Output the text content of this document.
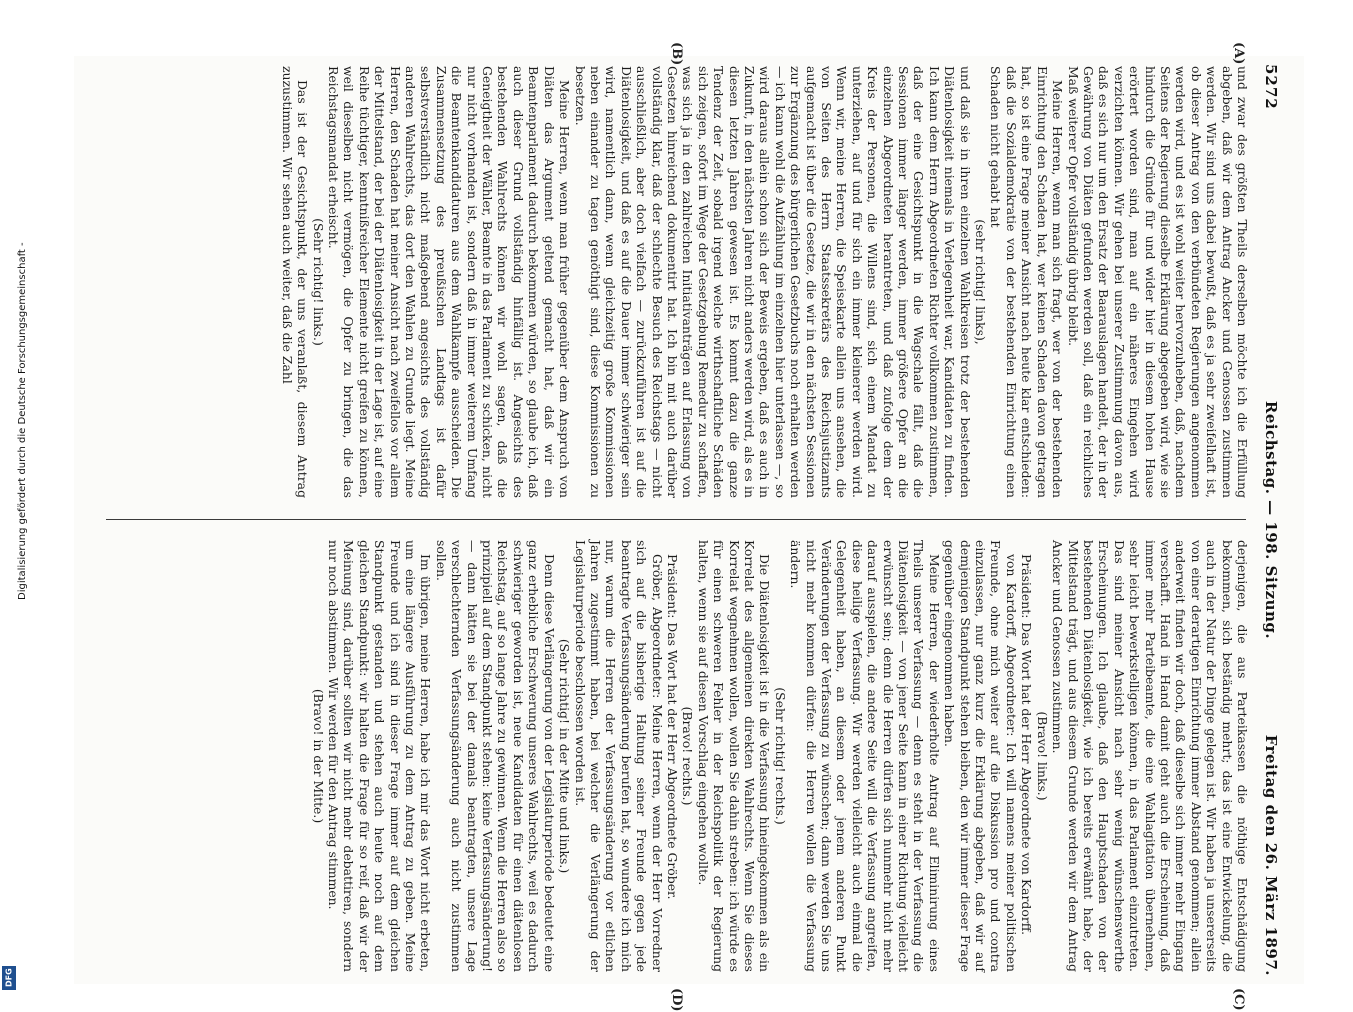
5272
Reichstag. — 198. Sitzung.
Freitag den 26. März 1897.
(A)
(B)
(C)
(D)

und zwar des größten Theils derselben möchte ich die Erfüllung abgeben, daß wir dem Antrag Ancker und Genossen zustimmen werden. Wir sind uns dabei bewußt, daß es ja sehr zweifelhaft ist, ob dieser Antrag von den verbündeten Regierungen angenommen werden wird, und es ist wohl weiter hervorzuheben, daß, nachdem Seitens der Regierung dieselbe Erklärung abgegeben wird, wie sie hindurch die Gründe für und wider hier in diesem hohen Hause erörtert worden sind, man auf ein näheres Eingehen wird verzichten können. Wir gehen bei unserer Zustimmung davon aus, daß es sich nur um den Ersatz der Baarauslagen handelt, der in der Gewährung von Diäten gefunden werden soll, daß ein reichliches Maß weiterer Opfer vollständig übrig bleibt.

Meine Herren, wenn man sich fragt, wer von der bestehenden Einrichtung den Schaden hat, wer keinen Schaden davon getragen hat, so ist eine Frage meiner Ansicht nach heute klar entschieden: daß die Sozialdemokratie von der bestehenden Einrichtung einen Schaden nicht gehabt hat

(sehr richtig! links),

und daß sie in ihren einzelnen Wahlkreisen trotz der bestehenden Diätenlosigkeit niemals in Verlegenheit war, Kandidaten zu finden. Ich kann dem Herrn Abgeordneten Richter vollkommen zustimmen, daß der eine Gesichtspunkt in die Wagschale fällt, daß die Sessionen immer länger werden, immer größere Opfer an die einzelnen Abgeordneten herantreten, und daß zufolge dem der Kreis der Personen, die Willens sind, sich einem Mandat zu unterziehen, auf und für sich ein immer kleinerer werden wird. Wenn wir, meine Herren, die Speisekarte allein uns ansehen, die von Seiten des Herrn Staatssekretärs des Reichsjustizamts aufgemacht ist über die Gesetze, die wir in den nächsten Sessionen zur Ergänzung des bürgerlichen Gesetzbuchs noch erhalten werden — ich kann wohl die Aufzählung im einzelnen hier unterlassen —, so wird daraus allein schon sich der Beweis ergeben, daß es auch in Zukunft, in den nächsten Jahren nicht anders werden wird, als es in diesen letzten Jahren gewesen ist. Es kommt dazu die ganze Tendenz der Zeit, sobald irgend welche wirthschaftliche Schäden sich zeigen, sofort im Wege der Gesetzgebung Remedur zu schaffen, was sich ja in den zahlreichen Initiativanträgen auf Erlassung von Gesetzen hinreichend dokumentirt hat. Ich bin mit auch darüber vollständig klar, daß der schlechte Besuch des Reichstags — nicht ausschließlich, aber doch vielfach — zurückzuführen ist auf die Diätenlosigkeit, und daß es auf die Dauer immer schwieriger sein wird, namentlich dann, wenn gleichzeitig große Kommissionen neben einander zu tagen genöthigt sind, diese Kommissionen zu besetzen.

Meine Herren, wenn man früher gegenüber dem Anspruch von Diäten das Argument geltend gemacht hat, daß wir ein Beamtenparlament dadurch bekommen würden, so glaube ich, daß auch dieser Grund vollständig hinfällig ist. Angesichts des bestehenden Wahlrechts können wir wohl sagen, daß die Geneigtheit der Wähler, Beamte in das Parlament zu schicken, nicht nur nicht vorhanden ist, sondern daß in immer weiterem Umfang die Beamtenkandidaturen aus dem Wahlkampfe ausscheiden. Die Zusammensetzung des preußischen Landtags ist dafür selbstverständlich nicht maßgebend angesichts des vollständig anderen Wahlrechts, das dort den Wahlen zu Grunde liegt. Meine Herren, den Schaden hat meiner Ansicht nach zweifellos vor allem der Mittelstand, der bei der Diätenlosigkeit in der Lage ist, auf eine Reihe tüchtiger, kenntnißreicher Elemente nicht greifen zu können, weil dieselben nicht vermögen, die Opfer zu bringen, die das Reichstagsmandat erheischt.

(Sehr richtig! links.)

Das ist der Gesichtspunkt, der uns veranlaßt, diesem Antrag zuzustimmen. Wir sehen auch weiter, daß die Zahl

derjenigen, die aus Parteikassen die nöthige Entschädigung bekommen, sich beständig mehrt; das ist eine Entwickelung, die auch in der Natur der Dinge gelegen ist. Wir haben ja unsererseits von einer derartigen Einrichtung immer Abstand genommen; allein anderweit finden wir doch, daß dieselbe sich immer mehr Eingang verschafft. Hand in Hand damit geht auch die Erscheinung, daß immer mehr Parteibeamte, die eine Wahlagitation übernehmen, sehr leicht bewerkstelligen können, in das Parlament einzutreten. Das sind meiner Ansicht nach sehr wenig wünschenswerthe Erscheinungen. Ich glaube, daß den Hauptschaden von der bestehenden Diätenlosigkeit, wie ich bereits erwähnt habe, der Mittelstand trägt, und aus diesem Grunde werden wir dem Antrag Ancker und Genossen zustimmen.

(Bravo! links.)

Präsident: Das Wort hat der Herr Abgeordnete von Kardorff.

von Kardorff, Abgeordneter: Ich will namens meiner politischen Freunde, ohne mich weiter auf die Diskussion pro und contra einzulassen, nur ganz kurz die Erklärung abgeben, daß wir auf demjenigen Standpunkt stehen bleiben, den wir immer dieser Frage gegenüber eingenommen haben.

Meine Herren, der wiederholte Antrag auf Eliminirung eines Theils unserer Verfassung — denn es steht in der Verfassung die Diätenlosigkeit — von jener Seite kann in einer Richtung vielleicht erwünscht sein; denn die Herren dürfen sich nunmehr nicht mehr darauf ausspielen, die andere Seite will die Verfassung angreifen, diese heilige Verfassung. Wir werden vielleicht auch einmal die Gelegenheit haben, an diesem oder jenem anderen Punkt Veränderungen der Verfassung zu wünschen; dann werden Sie uns nicht mehr kommen dürfen: die Herren wollen die Verfassung ändern.

(Sehr richtig! rechts.)

Die Diätenlosigkeit ist in die Verfassung hineingekommen als ein Korrelat des allgemeinen direkten Wahlrechts. Wenn Sie dieses Korrelat wegnehmen wollen, wollen Sie dahin streben: ich würde es für einen schweren Fehler in der Reichspolitik der Regierung halten, wenn sie auf diesen Vorschlag eingehen wollte.

(Bravo! rechts.)

Präsident: Das Wort hat der Herr Abgeordnete Gröber.

Gröber, Abgeordneter: Meine Herren, wenn der Herr Vorredner sich auf die bisherige Haltung seiner Freunde gegen jede beantragte Verfassungsänderung berufen hat, so wundere ich mich nur, warum die Herren der Verfassungsänderung vor etlichen Jahren zugestimmt haben, bei welcher die Verlängerung der Legislaturperiode beschlossen worden ist.

(Sehr richtig! in der Mitte und links.)

Denn diese Verlängerung von der Legislaturperiode bedeutet eine ganz erhebliche Erschwerung unseres Wahlrechts, weil es dadurch schwieriger geworden ist, neue Kandidaten für einen diätenlosen Reichstag, auf so lange Jahre zu gewinnen. Wenn die Herren also so prinzipiell auf dem Standpunkt stehen: keine Verfassungsänderung! — dann hätten sie bei der damals beantragten, unsere Lage verschlechternden Verfassungsänderung auch nicht zustimmen sollen.

Im übrigen, meine Herren, habe ich mir das Wort nicht erbeten, um eine längere Ausführung zu dem Antrag zu geben. Meine Freunde und ich sind in dieser Frage immer auf dem gleichen Standpunkt gestanden und stehen auch heute noch auf dem gleichen Standpunkt: wir halten die Frage für so reif, daß wir der Meinung sind, darüber sollten wir nicht mehr debattiren, sondern nur noch abstimmen. Wir werden für den Antrag stimmen.

(Bravo! in der Mitte.)

Digitalisierung gefördert durch die Deutsche Forschungsgemeinschaft -
DFG
